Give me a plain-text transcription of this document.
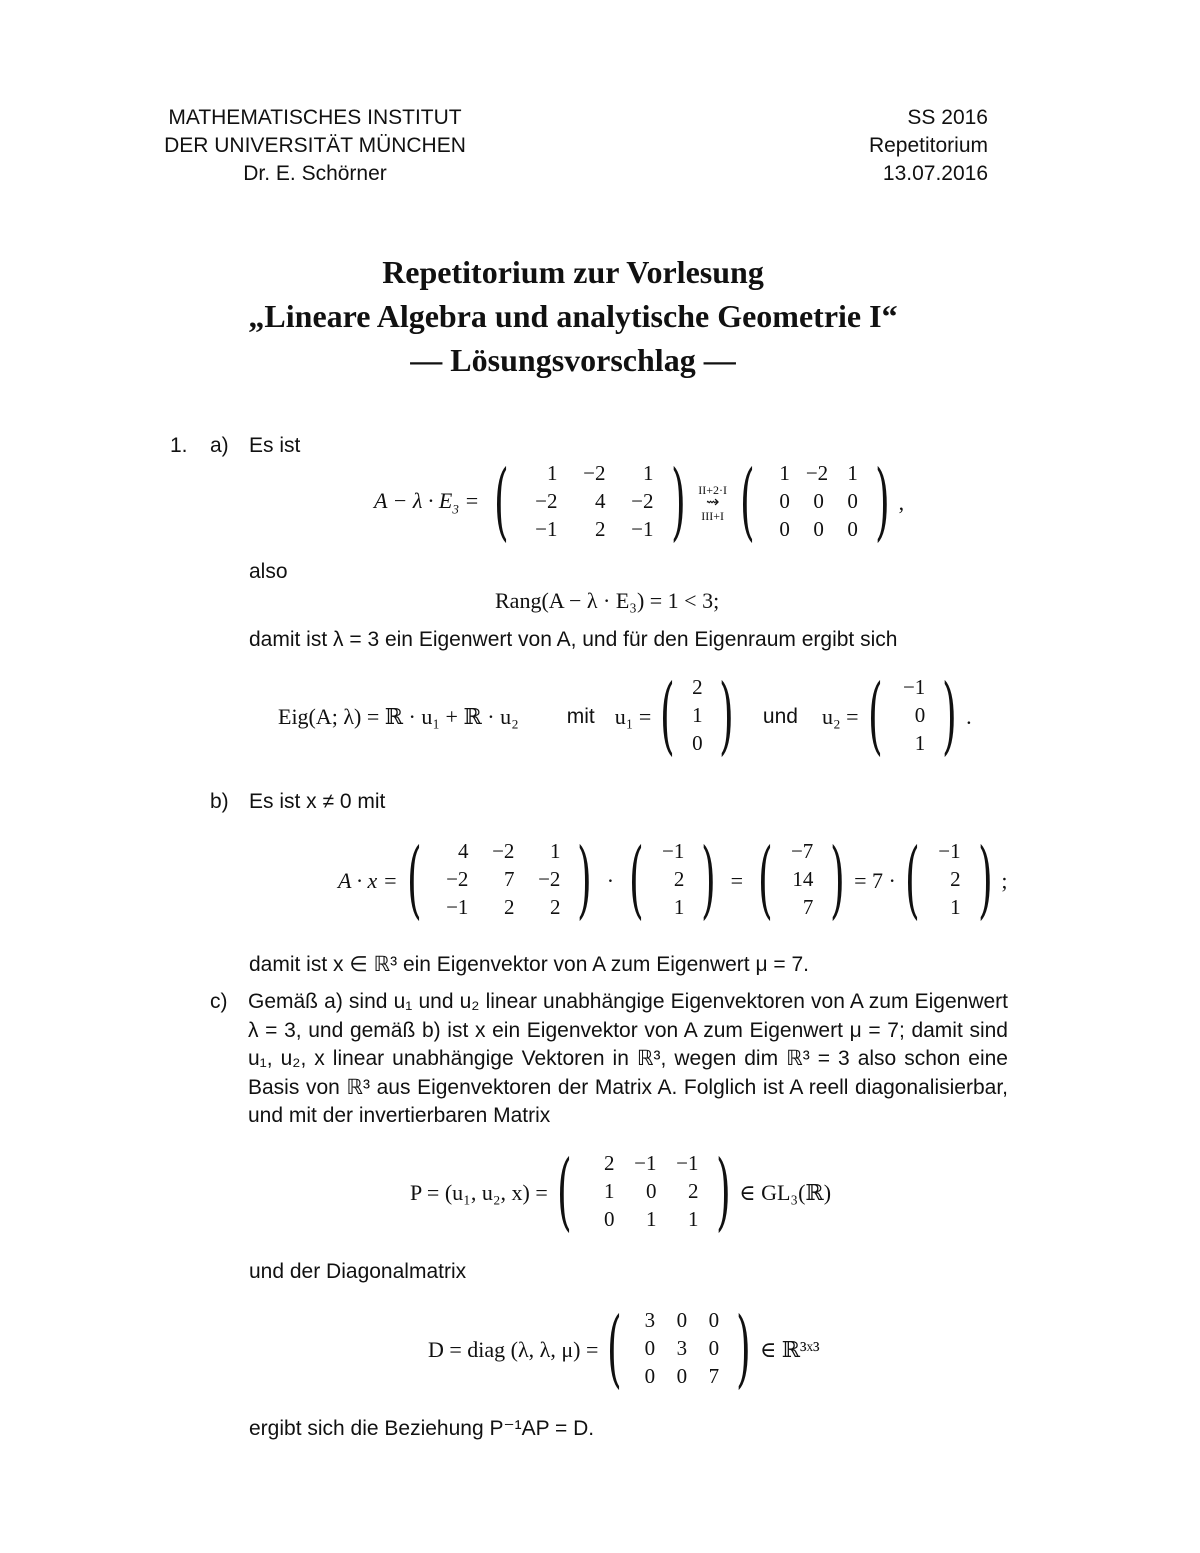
MATHEMATISCHES INSTITUT
DER UNIVERSITÄT MÜNCHEN
Dr. E. Schörner
SS 2016
Repetitorium
13.07.2016
Repetitorium zur Vorlesung
„Lineare Algebra und analytische Geometrie I“
— Lösungsvorschlag —
1. a) Es ist
$A - \lambda \cdot E_3$ = (	1	−2	1
−2	4	−2
−1	2	−1 ) II+2·I
⇝
III+I (	1 −2 1
0	0	0
0	0	0 ) ,
also
Rang(A − λ · E₃) = 1 < 3;
damit ist λ = 3 ein Eigenwert von A, und für den Eigenraum ergibt sich
Eig(A; λ) = ℝ · u₁ + ℝ · u₂ mit u₁ = ( 2
1
0 ) und u₂ = ( −1
0
1 ) .
b) Es ist x ≠ 0 mit
A · x = (	4	−2	1
−2	7	−2
−1	2	2 ) · ( −1
2
1 ) = ( −7
14
7 ) = 7 · ( −1
2
1 ) ;
damit ist x ∈ ℝ³ ein Eigenvektor von A zum Eigenwert μ = 7.
c) Gemäß a) sind u₁ und u₂ linear unabhängige Eigenvektoren von A zum Eigenwert λ = 3, und gemäß b) ist x ein Eigenvektor von A zum Eigenwert μ = 7; damit sind u₁, u₂, x linear unabhängige Vektoren in ℝ³, wegen dim ℝ³ = 3 also schon eine Basis von ℝ³ aus Eigenvektoren der Matrix A. Folglich ist A reell diagonalisierbar, und mit der invertierbaren Matrix
P = (u₁, u₂, x) = (	2 −1 −1
1	0	2
0	1	1 ) ∈ GL₃(ℝ)
und der Diagonalmatrix
D = diag (λ, λ, μ) = (	3	0	0
0	3	0
0	0	7 ) ∈ ℝ³ˣ³
ergibt sich die Beziehung P⁻¹AP = D.
